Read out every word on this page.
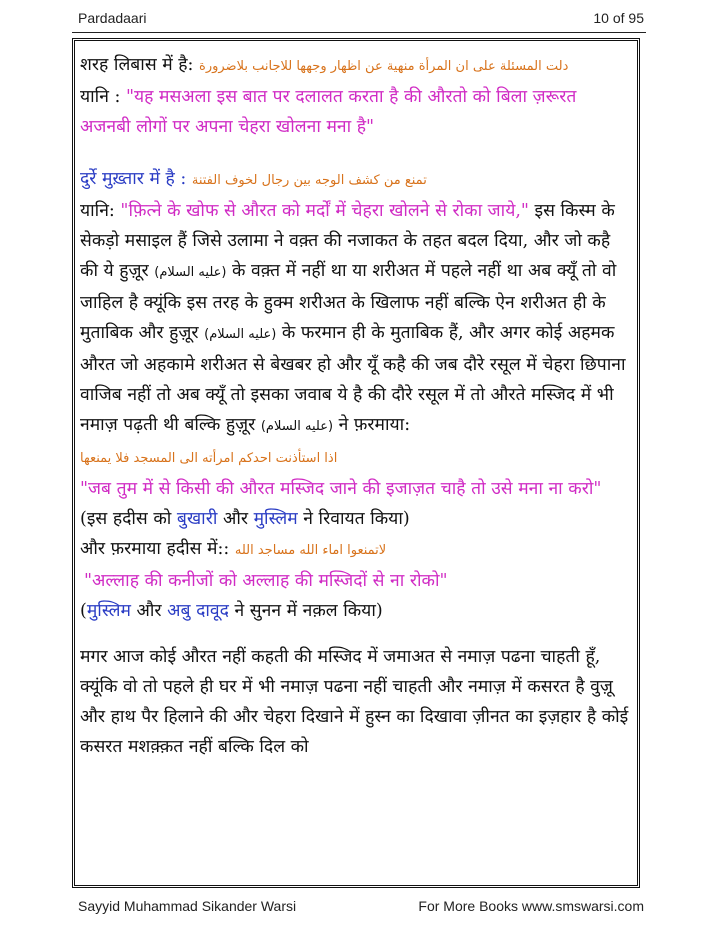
Pardadaari	10 of 95

शरह लिबास में है: دلت المسئلة على ان المرأة منهية عن اظهار وجهها للاجانب بلاضرورة

यानि : "यह मसअला इस बात पर दलालत करता है की औरतो को बिला ज़रूरत अजनबी लोगों पर अपना चेहरा खोलना मना है"

दुर्रे मुख़्तार में है : تمنع من كشف الوجه بين رجال لخوف الفتنة

यानि: "फ़ित्ने के खोफ से औरत को मर्दों में चेहरा खोलने से रोका जाये," इस किस्म के सेकड़ो मसाइल हैं जिसे उलामा ने वक़्त की नजाकत के तहत बदल दिया, और जो कहै की ये हुज़ूर (عليه السلام) के वक़्त में नहीं था या शरीअत में पहले नहीं था अब क्यूँ तो वो जाहिल है क्यूंकि इस तरह के हुक्म शरीअत के खिलाफ नहीं बल्कि ऐन शरीअत ही के मुताबिक और हुज़ूर (عليه السلام) के फरमान ही के मुताबिक हैं, और अगर कोई अहमक औरत जो अहकामे शरीअत से बेखबर हो और यूँ कहै की जब दौरे रसूल में चेहरा छिपाना वाजिब नहीं तो अब क्यूँ तो इसका जवाब ये है की दौरे रसूल में तो औरते मस्जिद में भी नमाज़ पढ़ती थी बल्कि हुज़ूर (عليه السلام) ने फ़रमाया:

اذا استأذنت احدكم امرأته الى المسجد فلا يمنعها

"जब तुम में से किसी की औरत मस्जिद जाने की इजाज़त चाहै तो उसे मना ना करो"

(इस हदीस को बुखारी और मुस्लिम ने रिवायत किया)

और फ़रमाया हदीस में:: لاتمنعوا اماء الله مساجد الله

"अल्लाह की कनीजों को अल्लाह की मस्जिदों से ना रोको"

(मुस्लिम और अबु दावूद ने सुनन में नक़ल किया)

मगर आज कोई औरत नहीं कहती की मस्जिद में जमाअत से नमाज़ पढना चाहती हूँ, क्यूंकि वो तो पहले ही घर में भी नमाज़ पढना नहीं चाहती और नमाज़ में कसरत है वुज़ू और हाथ पैर हिलाने की और चेहरा दिखाने में हुस्न का दिखावा ज़ीनत का इज़हार है कोई कसरत मशक़्क़त नहीं बल्कि दिल को

Sayyid Muhammad Sikander Warsi	For More Books www.smswarsi.com
